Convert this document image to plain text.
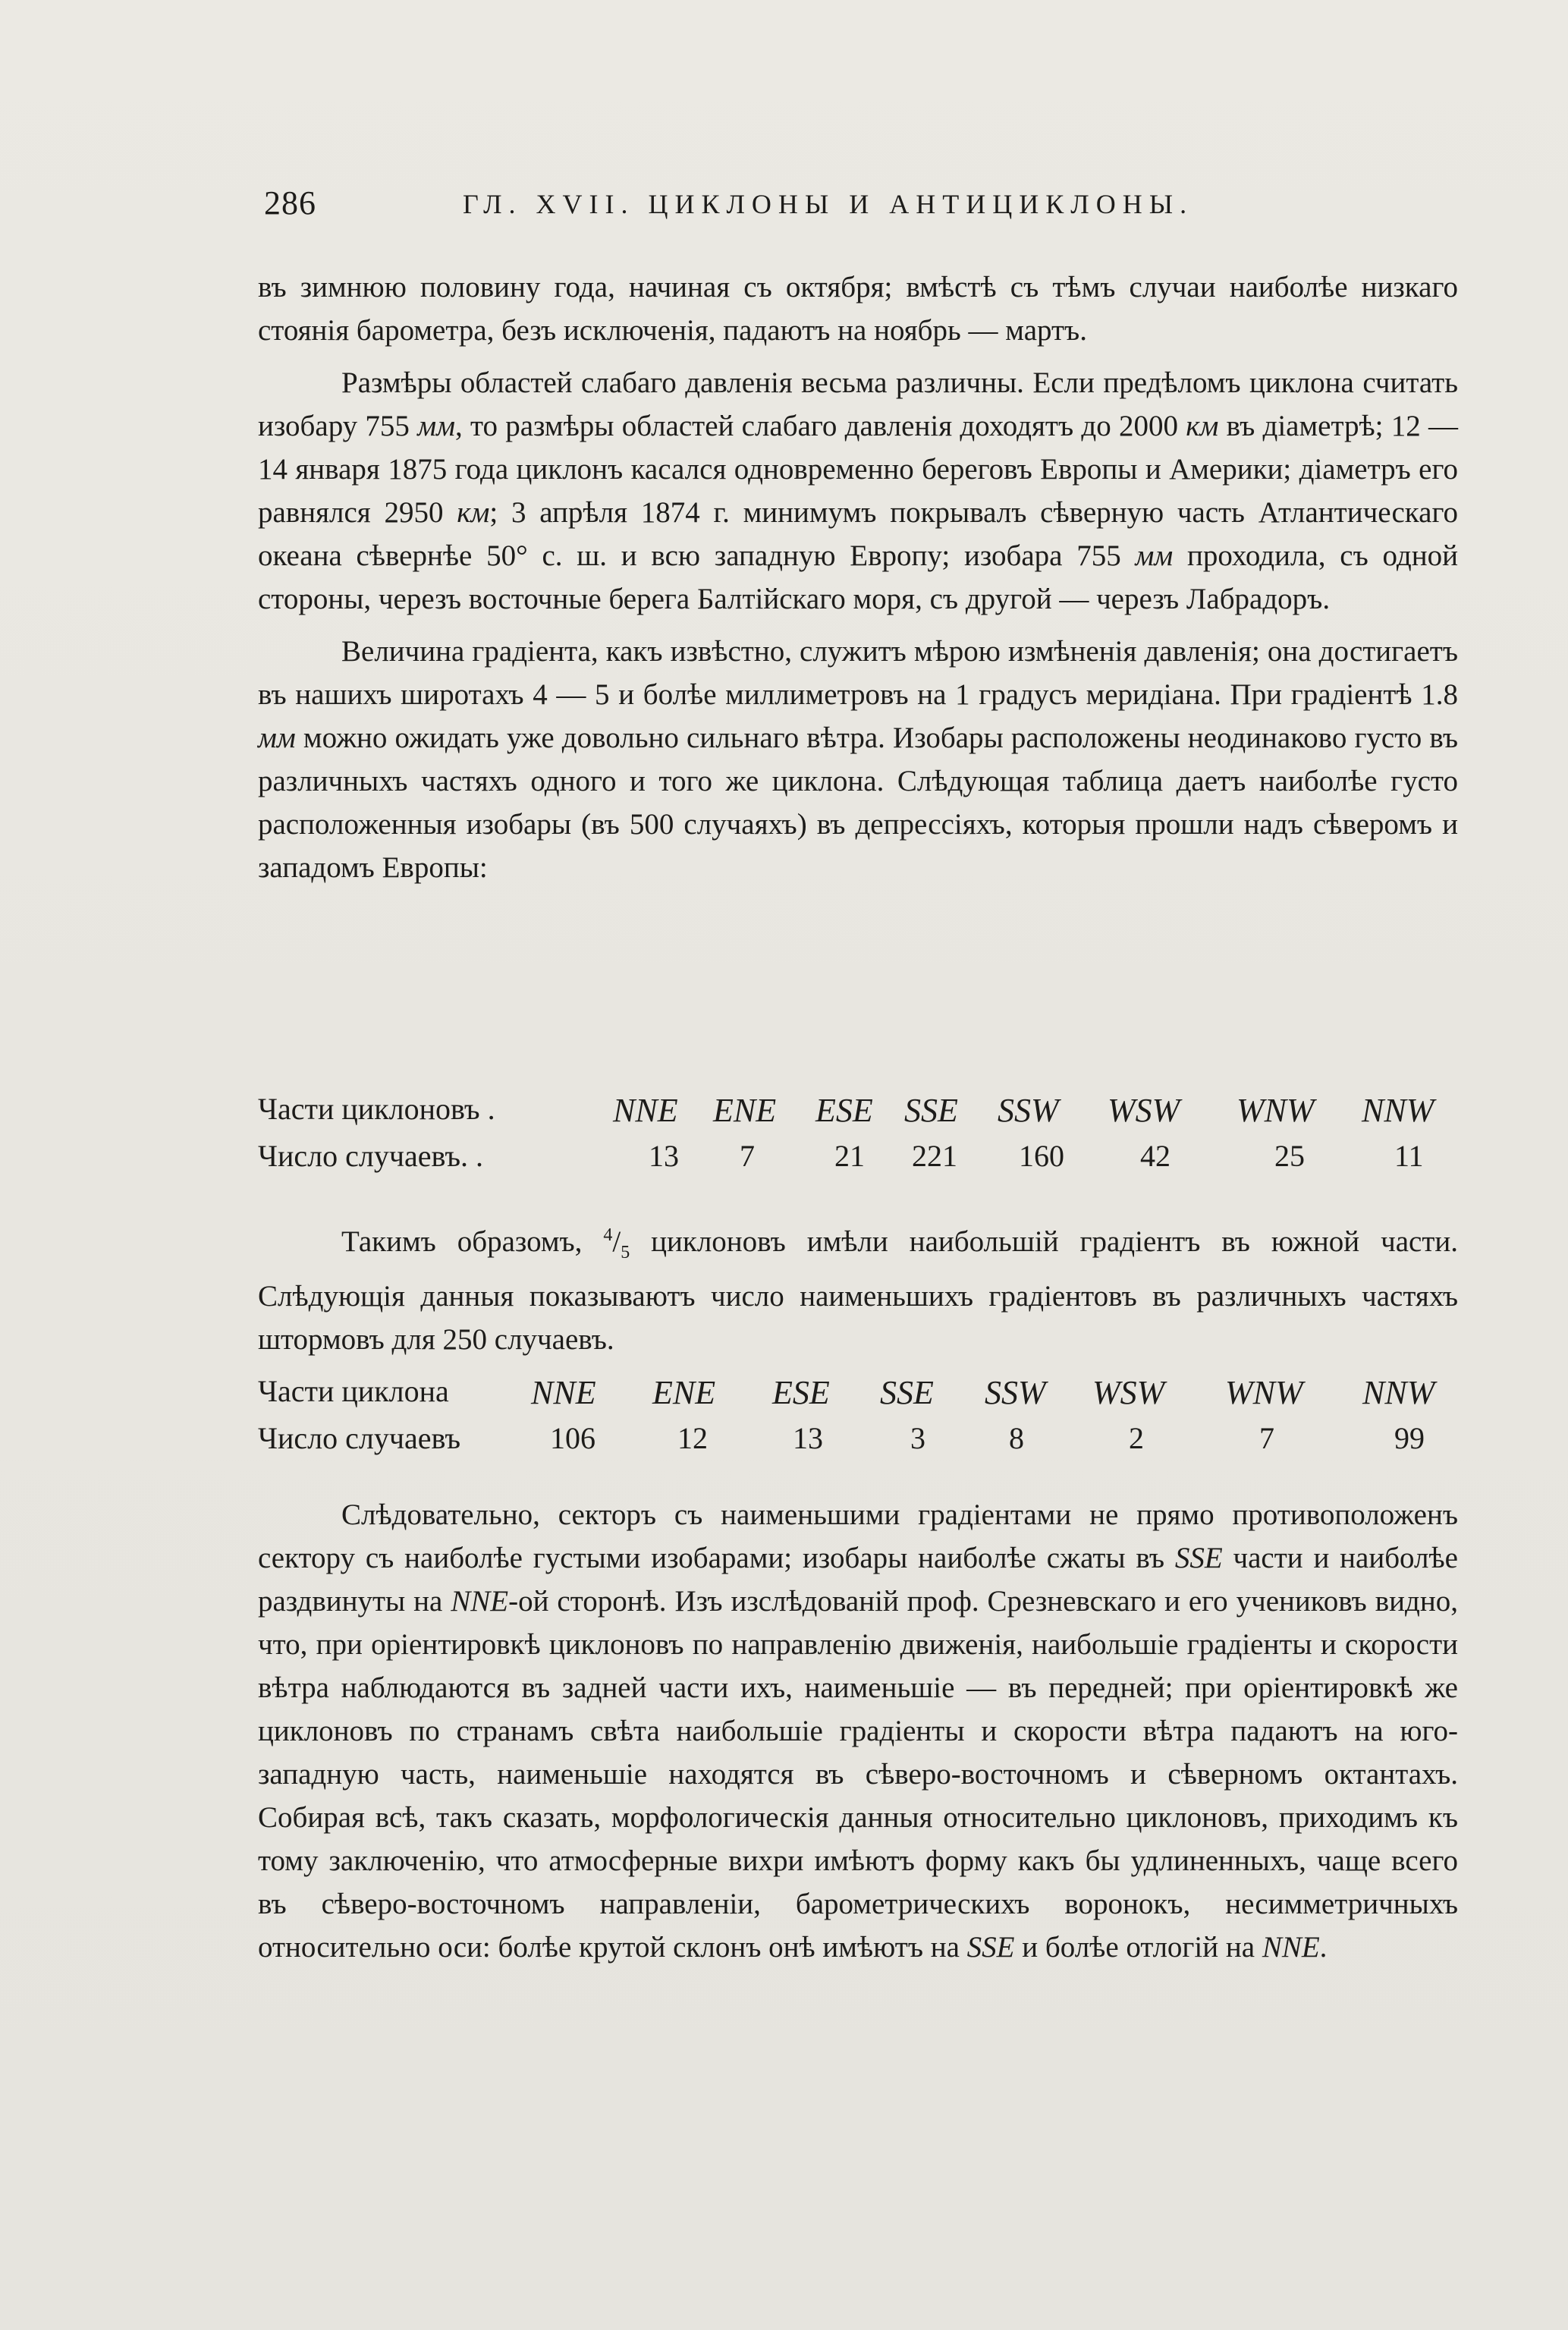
286	ГЛ. XVII. ЦИКЛОНЫ И АНТИЦИКЛОНЫ.

въ зимнюю половину года, начиная съ октября; вмѣстѣ съ тѣмъ случаи наиболѣе низкаго стоянія барометра, безъ исключенія, падаютъ на ноябрь — мартъ.

Размѣры областей слабаго давленія весьма различны. Если предѣломъ циклона считать изобару 755 мм, то размѣры областей слабаго давленія доходятъ до 2000 км въ діаметрѣ; 12 — 14 января 1875 года циклонъ касался одновременно береговъ Европы и Америки; діаметръ его равнялся 2950 км; 3 апрѣля 1874 г. минимумъ покрывалъ сѣверную часть Атлантическаго океана сѣвернѣе 50° с. ш. и всю западную Европу; изобара 755 мм проходила, съ одной стороны, черезъ восточные берега Балтійскаго моря, съ другой — черезъ Лабрадоръ.

Величина градіента, какъ извѣстно, служитъ мѣрою измѣненія давленія; она достигаетъ въ нашихъ широтахъ 4 — 5 и болѣе миллиметровъ на 1 градусъ меридіана. При градіентѣ 1.8 мм можно ожидать уже довольно сильнаго вѣтра. Изобары расположены неодинаково густо въ различныхъ частяхъ одного и того же циклона. Слѣдующая таблица даетъ наиболѣе густо расположенныя изобары (въ 500 случаяхъ) въ депрессіяхъ, которыя прошли надъ сѣверомъ и западомъ Европы:

Части циклоновъ .	NNE ENE ESE SSE SSW WSW WNW NNW
Число случаевъ. .	13 7	21 221 160	42	25	11

Такимъ образомъ, $^4/_5$ циклоновъ имѣли наибольшій градіентъ въ южной части. Слѣдующія данныя показываютъ число наименьшихъ градіентовъ въ различныхъ частяхъ штормовъ для 250 случаевъ.

Части циклона NNE ENE ESE SSE SSW WSW WNW NNW
Число случаевъ	106	12	13	3	8	2	7	99

Слѣдовательно, секторъ съ наименьшими градіентами не прямо противоположенъ сектору съ наиболѣе густыми изобарами; изобары наиболѣе сжаты въ SSE части и наиболѣе раздвинуты на NNE-ой сторонѣ. Изъ изслѣдованій проф. Срезневскаго и его учениковъ видно, что, при оріентировкѣ циклоновъ по направленію движенія, наибольшіе градіенты и скорости вѣтра наблюдаются въ задней части ихъ, наименьшіе — въ передней; при оріентировкѣ же циклоновъ по странамъ свѣта наибольшіе градіенты и скорости вѣтра падаютъ на юго-западную часть, наименьшіе находятся въ сѣверо-восточномъ и сѣверномъ октантахъ. Собирая всѣ, такъ сказать, морфологическія данныя относительно циклоновъ, приходимъ къ тому заключенію, что атмосферные вихри имѣютъ форму какъ бы удлиненныхъ, чаще всего въ сѣверо-восточномъ направленіи, барометрическихъ воронокъ, несимметричныхъ относительно оси: болѣе крутой склонъ онѣ имѣютъ на SSE и болѣе отлогій на NNE.
